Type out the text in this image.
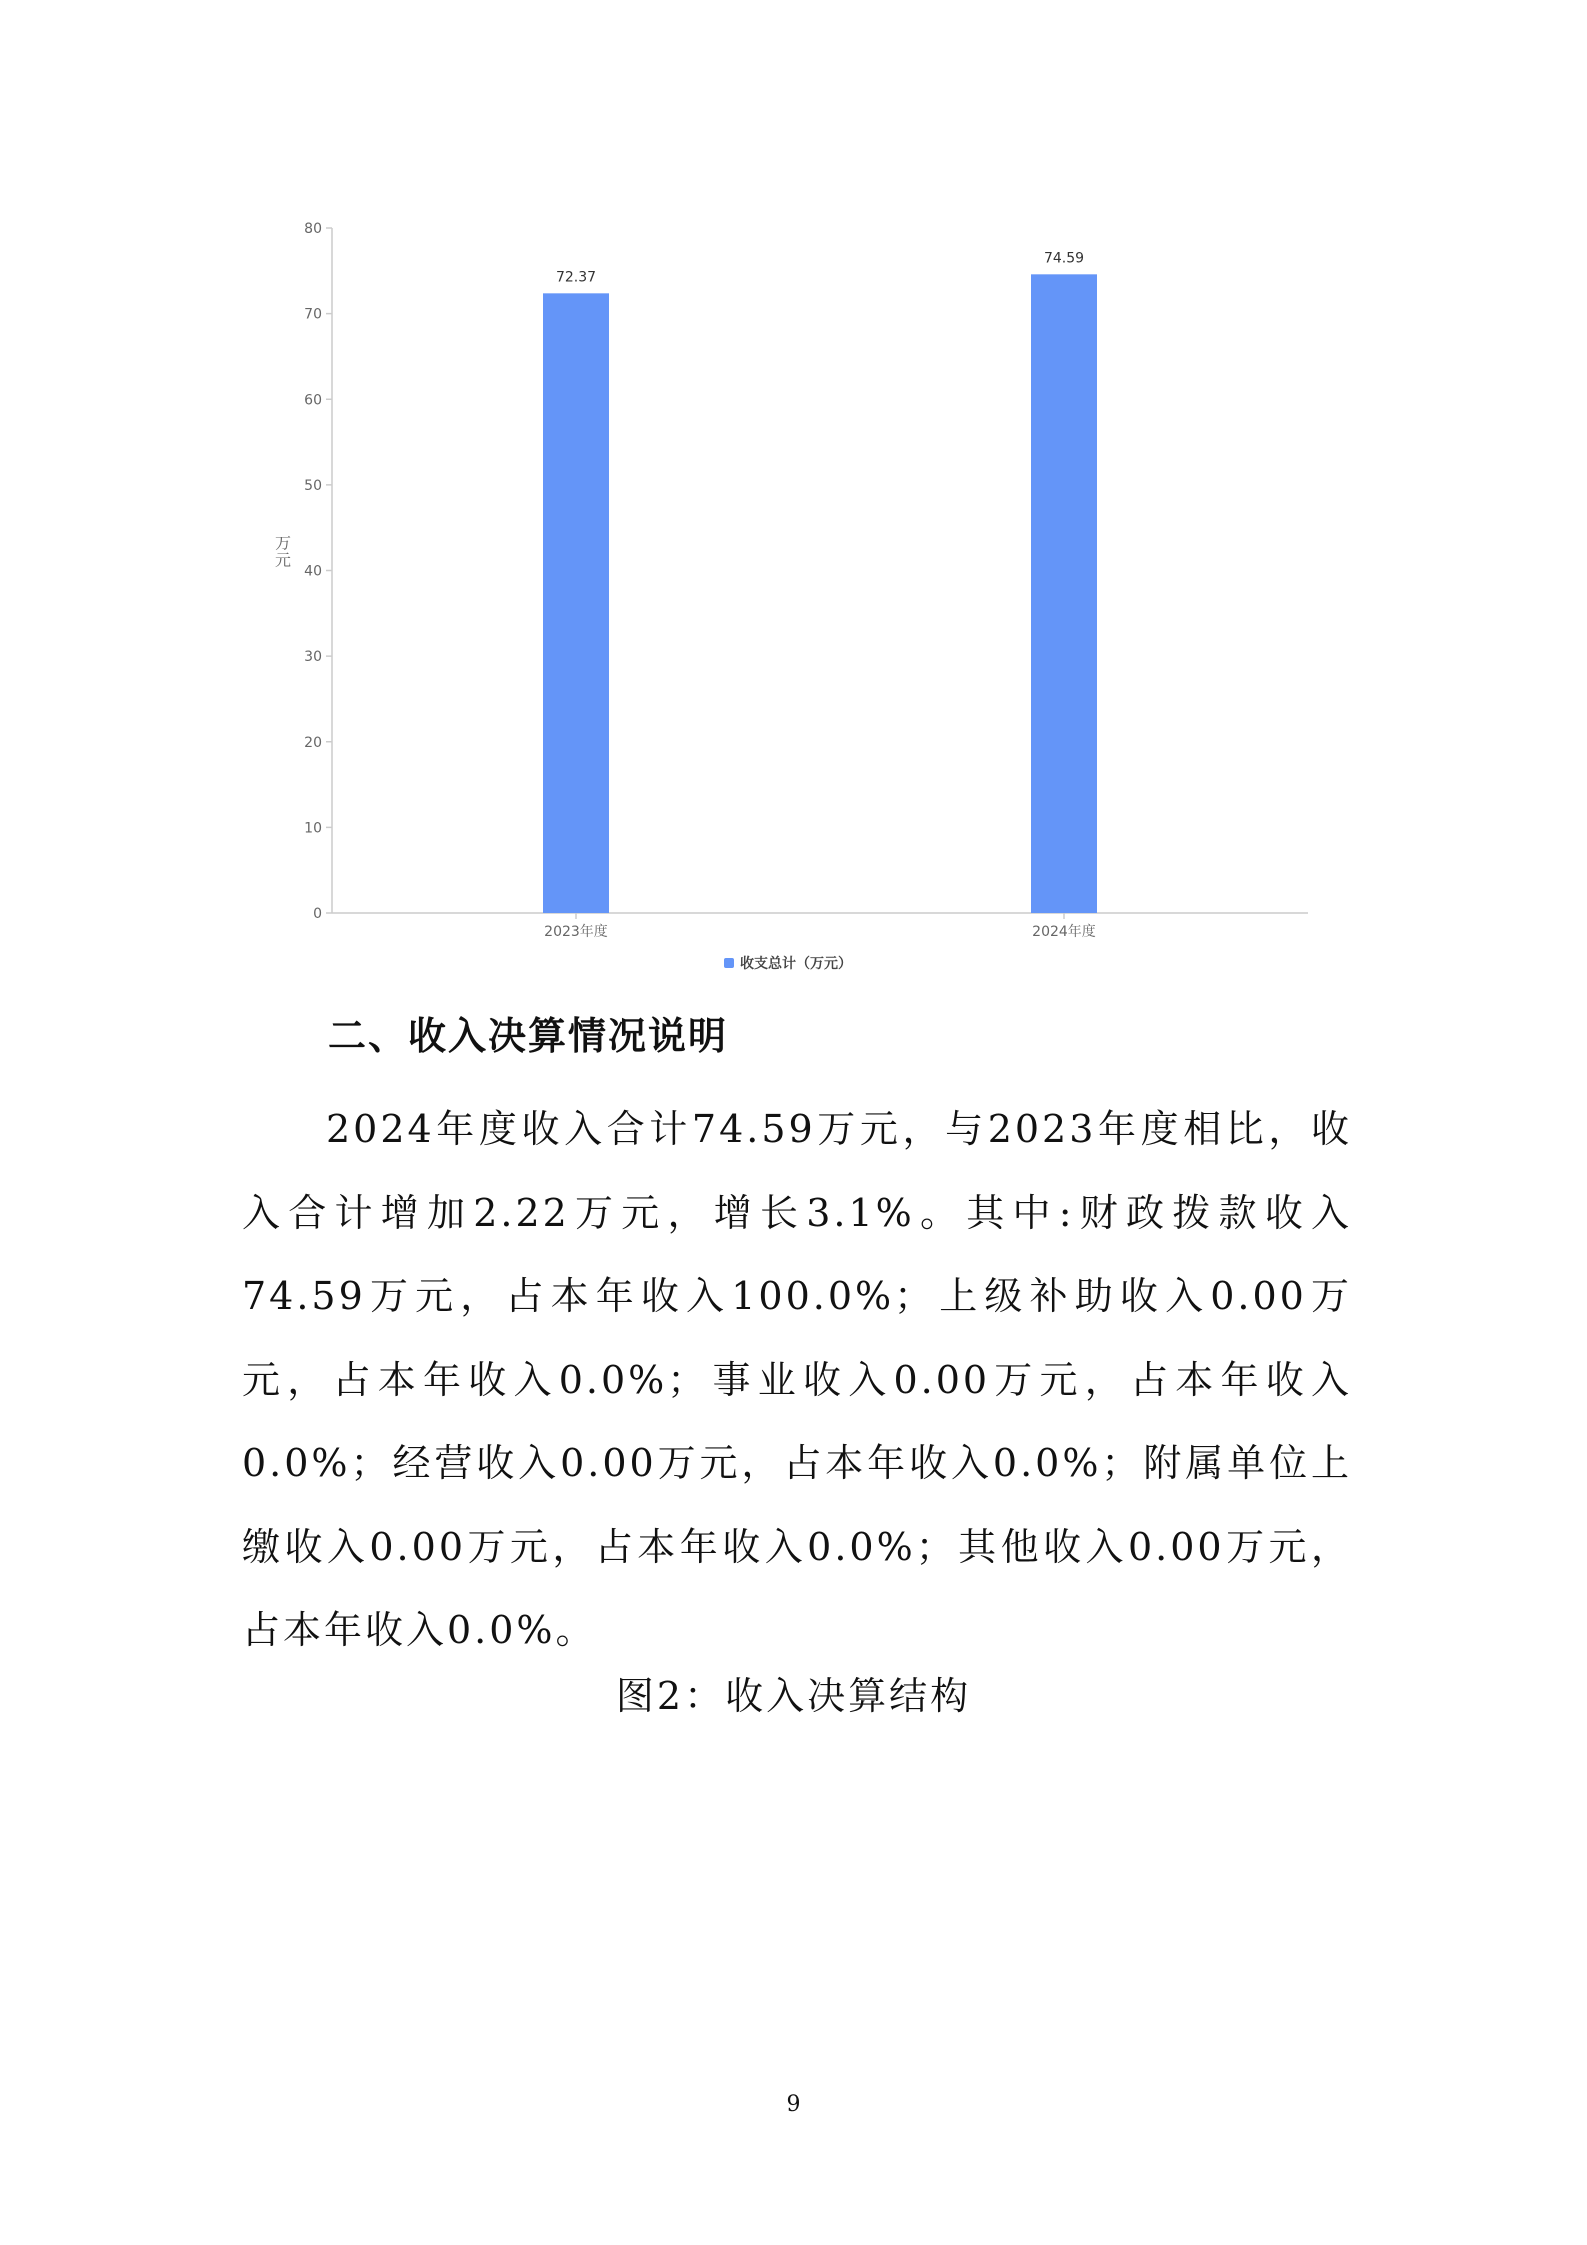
0
10
20
30
40
50
60
70
80
72.37
74.59
2023年度	2024年度
万元
收支总计（万元）
二、收入决算情况说明

2024年度收入合计74.59万元，与2023年度相比，收入合计增加2.22万元，增长3.1%。其中:财政拨款收入74.59万元，占本年收入100.0%；上级补助收入0.00万元，占本年收入0.0%；事业收入0.00万元，占本年收入0.0%；经营收入0.00万元，占本年收入0.0%；附属单位上缴收入0.00万元，占本年收入0.0%；其他收入0.00万元，占本年收入0.0%。

图2：收入决算结构

9
